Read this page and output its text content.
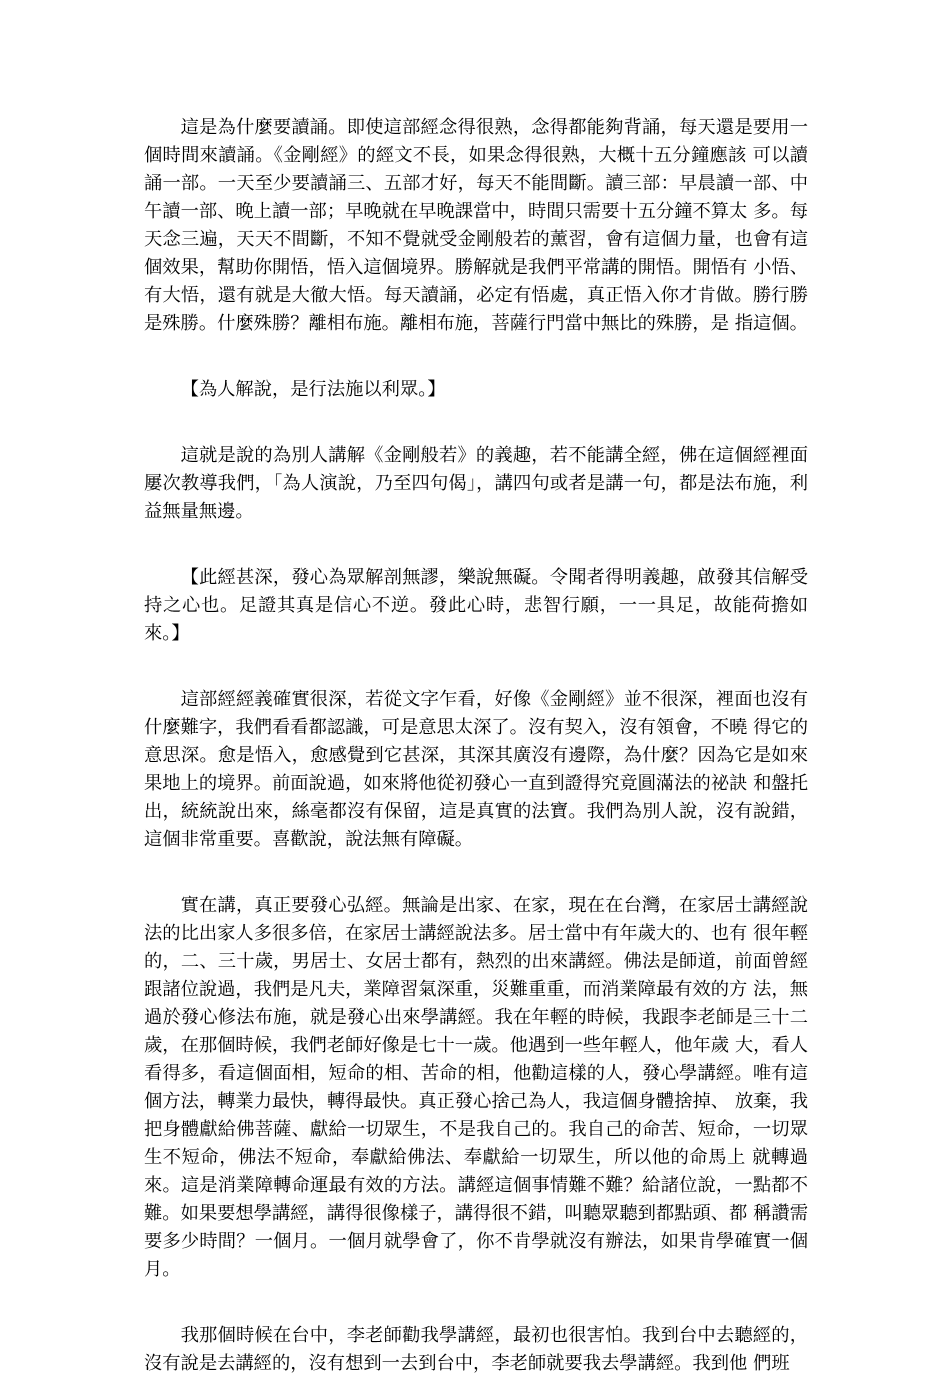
這是為什麼要讀誦。即使這部經念得很熟，念得都能夠背誦，每天還是要用一個時間來讀誦。《金剛經》的經文不長，如果念得很熟，大概十五分鐘應該 可以讀誦一部。一天至少要讀誦三、五部才好，每天不能間斷。讀三部：早晨讀一部、中午讀一部、晚上讀一部；早晚就在早晚課當中，時間只需要十五分鐘不算太 多。每天念三遍，天天不間斷，不知不覺就受金剛般若的薰習，會有這個力量，也會有這個效果，幫助你開悟，悟入這個境界。勝解就是我們平常講的開悟。開悟有 小悟、有大悟，還有就是大徹大悟。每天讀誦，必定有悟處，真正悟入你才肯做。勝行勝是殊勝。什麼殊勝？離相布施。離相布施，菩薩行門當中無比的殊勝，是 指這個。

【為人解說，是行法施以利眾。】

這就是說的為別人講解《金剛般若》的義趣，若不能講全經，佛在這個經裡面屢次教導我們，「為人演說，乃至四句偈」，講四句或者是講一句，都是法布施，利益無量無邊。

【此經甚深，發心為眾解剖無謬，樂說無礙。令聞者得明義趣，啟發其信解受持之心也。足證其真是信心不逆。發此心時，悲智行願，一一具足，故能荷擔如來。】

這部經經義確實很深，若從文字乍看，好像《金剛經》並不很深，裡面也沒有什麼難字，我們看看都認識，可是意思太深了。沒有契入，沒有領會，不曉 得它的意思深。愈是悟入，愈感覺到它甚深，其深其廣沒有邊際，為什麼？因為它是如來果地上的境界。前面說過，如來將他從初發心一直到證得究竟圓滿法的祕訣 和盤托出，統統說出來，絲毫都沒有保留，這是真實的法寶。我們為別人說，沒有說錯，這個非常重要。喜歡說，說法無有障礙。

實在講，真正要發心弘經。無論是出家、在家，現在在台灣，在家居士講經說法的比出家人多很多倍，在家居士講經說法多。居士當中有年歲大的、也有 很年輕的，二、三十歲，男居士、女居士都有，熱烈的出來講經。佛法是師道，前面曾經跟諸位說過，我們是凡夫，業障習氣深重，災難重重，而消業障最有效的方 法，無過於發心修法布施，就是發心出來學講經。我在年輕的時候，我跟李老師是三十二歲，在那個時候，我們老師好像是七十一歲。他遇到一些年輕人，他年歲 大，看人看得多，看這個面相，短命的相、苦命的相，他勸這樣的人，發心學講經。唯有這個方法，轉業力最快，轉得最快。真正發心捨己為人，我這個身體捨掉、 放棄，我把身體獻給佛菩薩、獻給一切眾生，不是我自己的。我自己的命苦、短命，一切眾生不短命，佛法不短命，奉獻給佛法、奉獻給一切眾生，所以他的命馬上 就轉過來。這是消業障轉命運最有效的方法。講經這個事情難不難？給諸位說，一點都不難。如果要想學講經，講得很像樣子，講得很不錯，叫聽眾聽到都點頭、都 稱讚需要多少時間？一個月。一個月就學會了，你不肯學就沒有辦法，如果肯學確實一個月。

我那個時候在台中，李老師勸我學講經，最初也很害怕。我到台中去聽經的，沒有說是去講經的，沒有想到一去到台中，李老師就要我去學講經。我到他 們班
